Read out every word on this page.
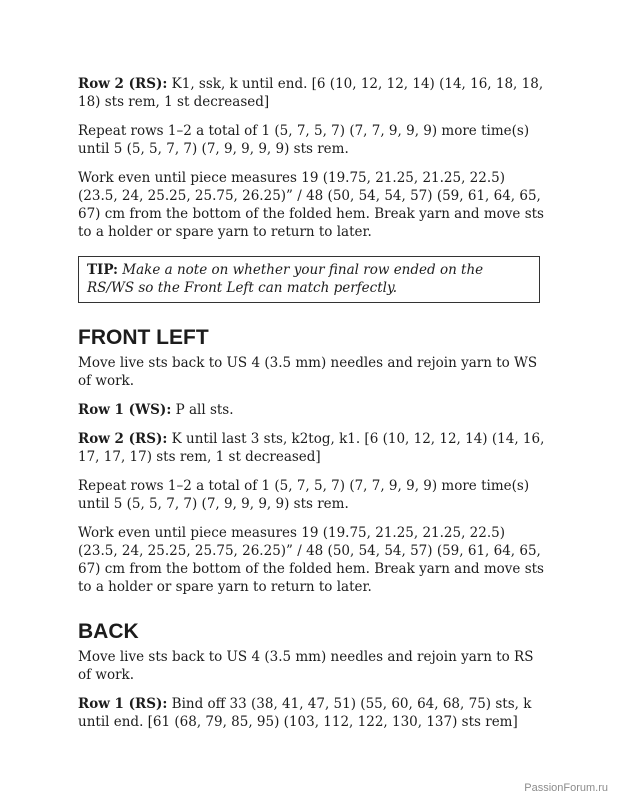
Row 2 (RS): K1, ssk, k until end. [6 (10, 12, 12, 14) (14, 16, 18, 18, 18) sts rem, 1 st decreased]

Repeat rows 1–2 a total of 1 (5, 7, 5, 7) (7, 7, 9, 9, 9) more time(s) until 5 (5, 5, 7, 7) (7, 9, 9, 9, 9) sts rem.

Work even until piece measures 19 (19.75, 21.25, 21.25, 22.5) (23.5, 24, 25.25, 25.75, 26.25)” / 48 (50, 54, 54, 57) (59, 61, 64, 65, 67) cm from the bottom of the folded hem. Break yarn and move sts to a holder or spare yarn to return to later.

TIP: Make a note on whether your final row ended on the RS/WS so the Front Left can match perfectly.

FRONT LEFT

Move live sts back to US 4 (3.5 mm) needles and rejoin yarn to WS of work.

Row 1 (WS): P all sts.

Row 2 (RS): K until last 3 sts, k2tog, k1. [6 (10, 12, 12, 14) (14, 16, 17, 17, 17) sts rem, 1 st decreased]

Repeat rows 1–2 a total of 1 (5, 7, 5, 7) (7, 7, 9, 9, 9) more time(s) until 5 (5, 5, 7, 7) (7, 9, 9, 9, 9) sts rem.

Work even until piece measures 19 (19.75, 21.25, 21.25, 22.5) (23.5, 24, 25.25, 25.75, 26.25)” / 48 (50, 54, 54, 57) (59, 61, 64, 65, 67) cm from the bottom of the folded hem. Break yarn and move sts to a holder or spare yarn to return to later.

BACK

Move live sts back to US 4 (3.5 mm) needles and rejoin yarn to RS of work.

Row 1 (RS): Bind off 33 (38, 41, 47, 51) (55, 60, 64, 68, 75) sts, k until end. [61 (68, 79, 85, 95) (103, 112, 122, 130, 137) sts rem]

PassionForum.ru
